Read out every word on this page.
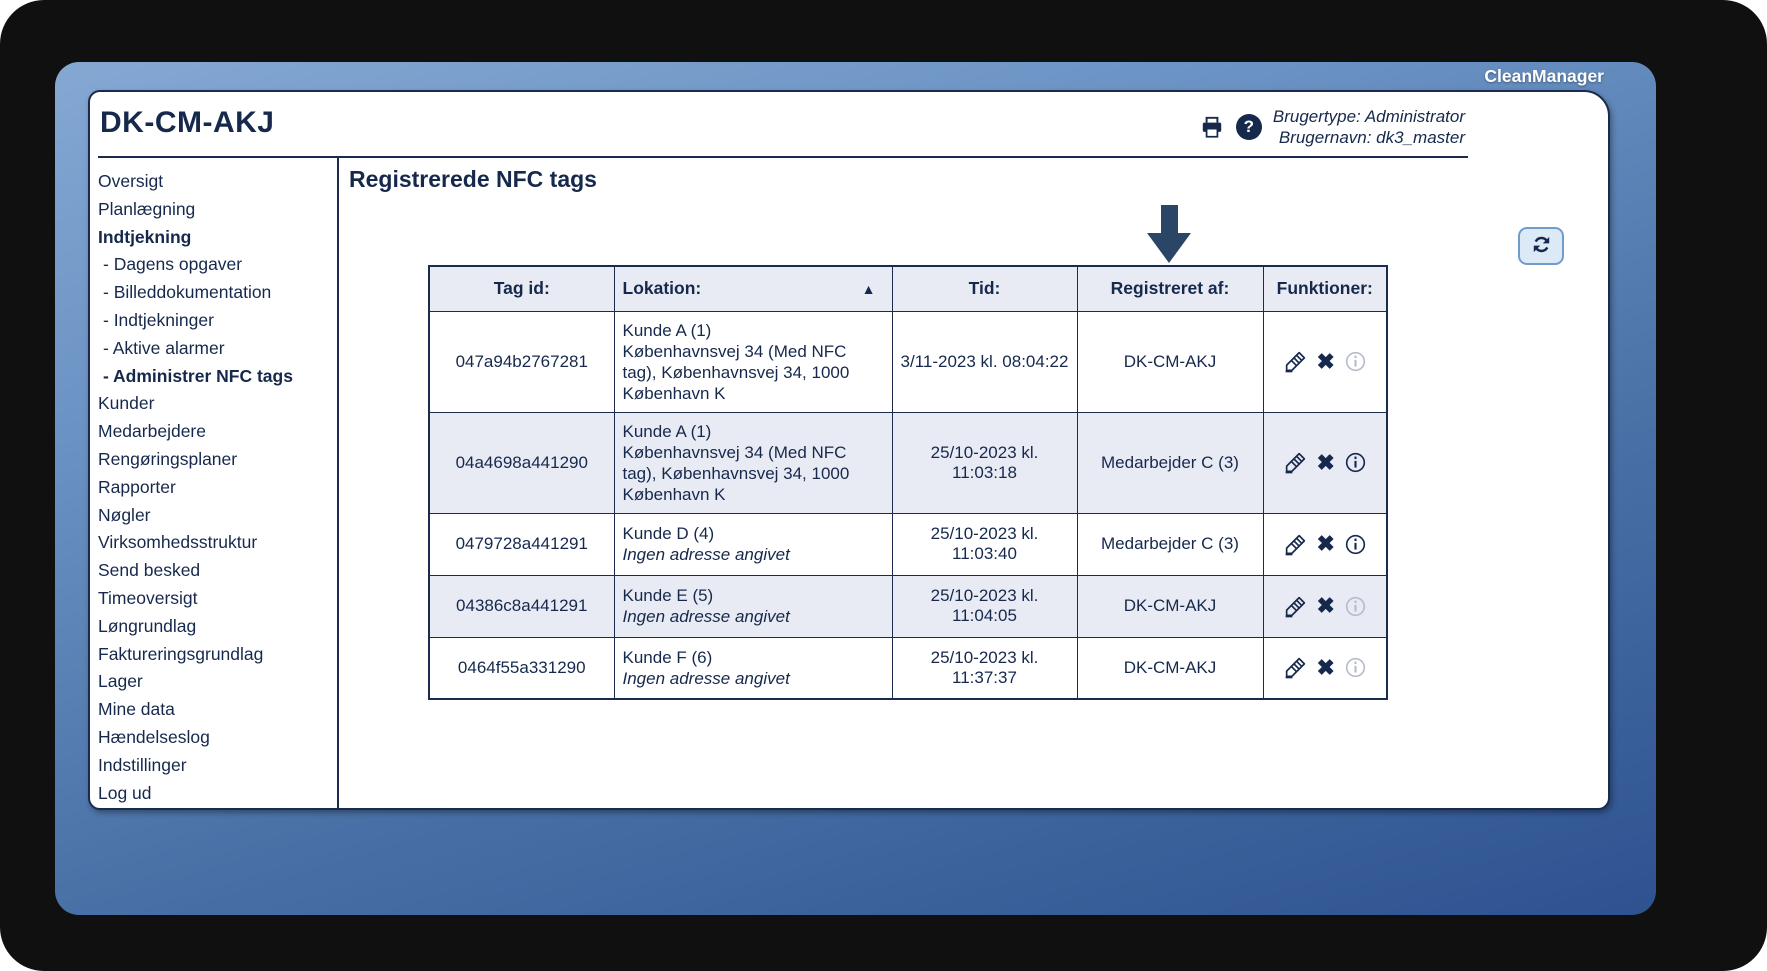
CleanManager
DK-CM-AKJ	?
Brugertype: Administrator
Brugernavn: dk3_master
Oversigt
Planlægning
Indtjekning
- Dagens opgaver
- Billeddokumentation
- Indtjekninger
- Aktive alarmer
- Administrer NFC tags
Kunder
Medarbejdere
Rengøringsplaner
Rapporter
Nøgler
Virksomhedsstruktur
Send besked
Timeoversigt
Løngrundlag
Faktureringsgrundlag
Lager
Mine data
Hændelseslog
Indstillinger
Log ud
Registrerede NFC tags
Tag id:	Lokation: ▲	Tid:	Registreret af:	Funktioner:
047a94b2767281	Kunde A (1)
Københavnsvej 34 (Med NFC tag), Københavnsvej 34, 1000 København K	3/11-2023 kl. 08:04:22	DK-CM-AKJ	✖

04a4698a441290	Kunde A (1)
Københavnsvej 34 (Med NFC tag), Københavnsvej 34, 1000 København K	25/10-2023 kl. 11:03:18	Medarbejder C (3)	✖

0479728a441291	Kunde D (4)
Ingen adresse angivet	25/10-2023 kl. 11:03:40	Medarbejder C (3)	✖

04386c8a441291	Kunde E (5)
Ingen adresse angivet	25/10-2023 kl. 11:04:05	DK-CM-AKJ	✖

0464f55a331290	Kunde F (6)
Ingen adresse angivet	25/10-2023 kl. 11:37:37	DK-CM-AKJ	✖
